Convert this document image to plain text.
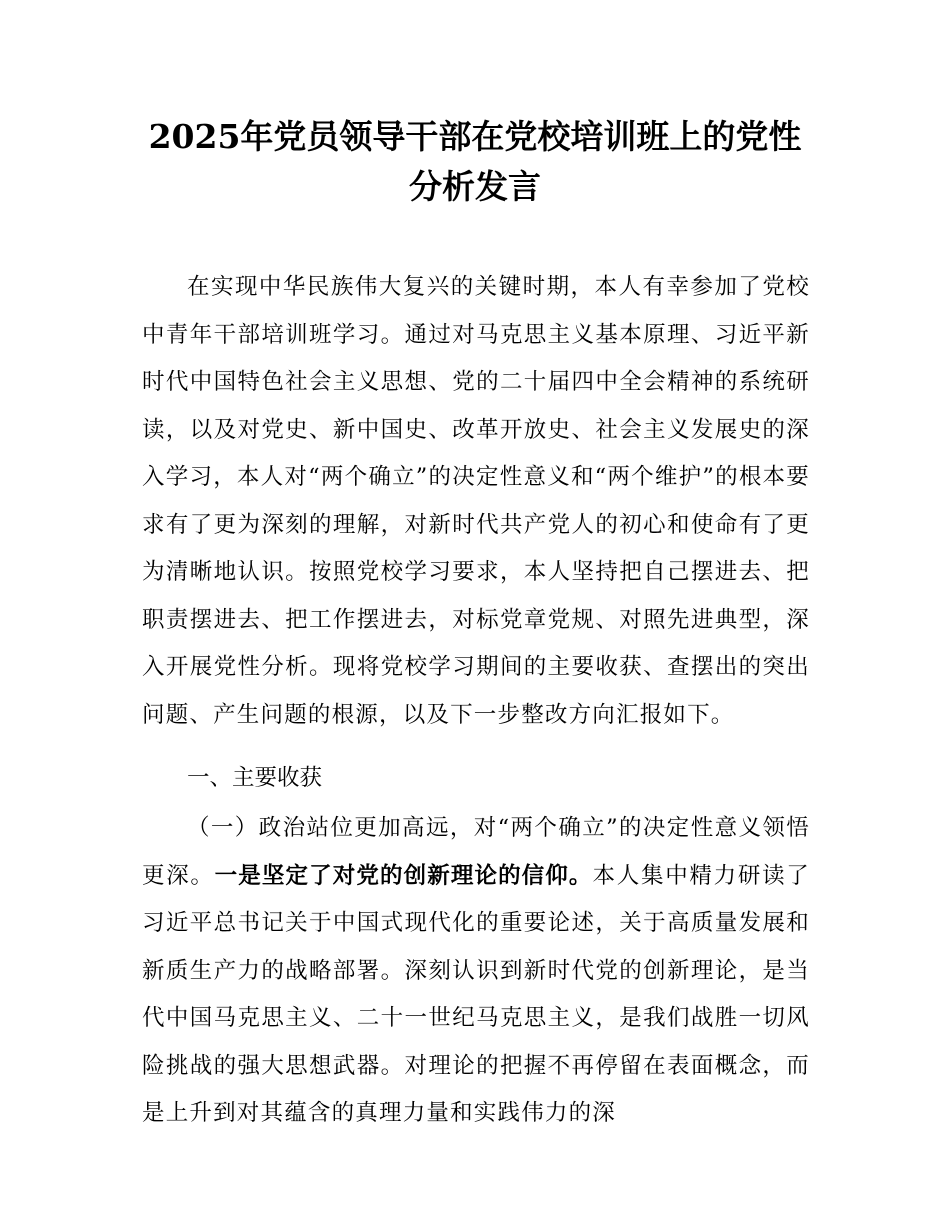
2025年党员领导干部在党校培训班上的党性
分析发言

在实现中华民族伟大复兴的关键时期，本人有幸参加了党校中青年干部培训班学习。通过对马克思主义基本原理、习近平新时代中国特色社会主义思想、党的二十届四中全会精神的系统研读，以及对党史、新中国史、改革开放史、社会主义发展史的深入学习，本人对“两个确立”的决定性意义和“两个维护”的根本要求有了更为深刻的理解，对新时代共产党人的初心和使命有了更为清晰地认识。按照党校学习要求，本人坚持把自己摆进去、把职责摆进去、把工作摆进去，对标党章党规、对照先进典型，深入开展党性分析。现将党校学习期间的主要收获、查摆出的突出问题、产生问题的根源，以及下一步整改方向汇报如下。

一、主要收获

（一）政治站位更加高远，对“两个确立”的决定性意义领悟更深。一是坚定了对党的创新理论的信仰。本人集中精力研读了习近平总书记关于中国式现代化的重要论述，关于高质量发展和新质生产力的战略部署。深刻认识到新时代党的创新理论，是当代中国马克思主义、二十一世纪马克思主义，是我们战胜一切风险挑战的强大思想武器。对理论的把握不再停留在表面概念，而是上升到对其蕴含的真理力量和实践伟力的深
